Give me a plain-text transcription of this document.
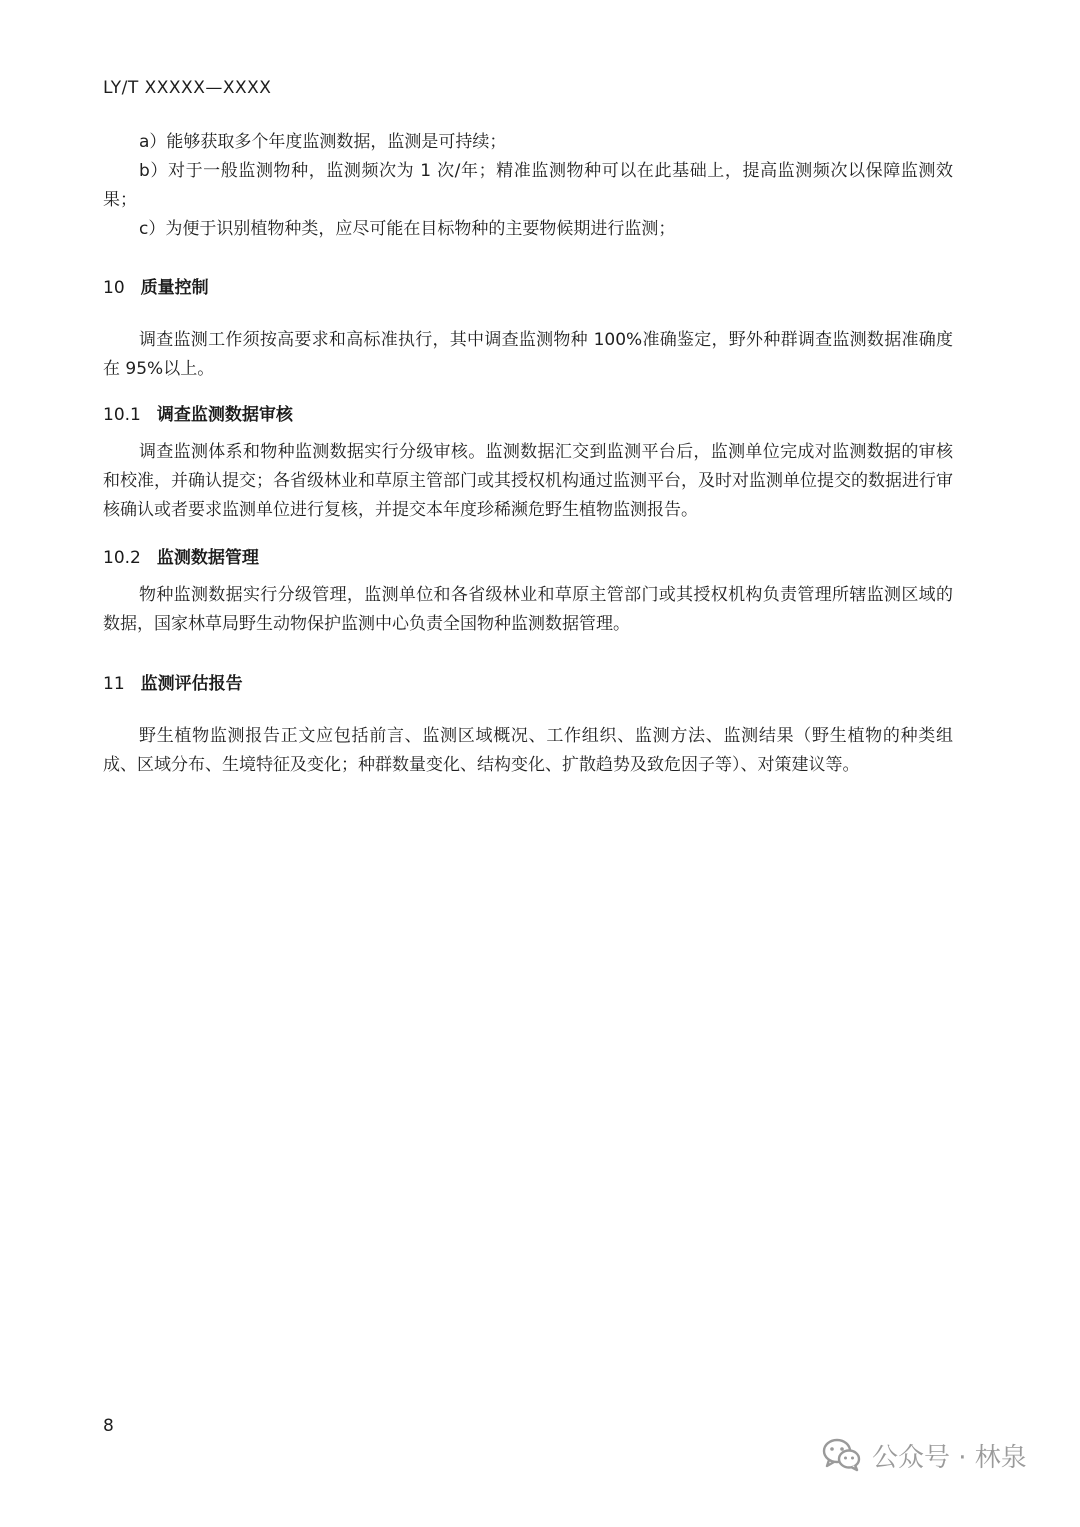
LY/T XXXXX—XXXX
a）能够获取多个年度监测数据，监测是可持续；
b）对于一般监测物种，监测频次为 1 次/年；精准监测物种可以在此基础上，提高监测频次以保障监测效果；
c）为便于识别植物种类，应尽可能在目标物种的主要物候期进行监测；
10 质量控制
调查监测工作须按高要求和高标准执行，其中调查监测物种 100%准确鉴定，野外种群调查监测数据准确度在 95%以上。
10.1 调查监测数据审核
调查监测体系和物种监测数据实行分级审核。监测数据汇交到监测平台后，监测单位完成对监测数据的审核和校准，并确认提交；各省级林业和草原主管部门或其授权机构通过监测平台，及时对监测单位提交的数据进行审核确认或者要求监测单位进行复核，并提交本年度珍稀濒危野生植物监测报告。
10.2 监测数据管理
物种监测数据实行分级管理，监测单位和各省级林业和草原主管部门或其授权机构负责管理所辖监测区域的数据，国家林草局野生动物保护监测中心负责全国物种监测数据管理。
11 监测评估报告
野生植物监测报告正文应包括前言、监测区域概况、工作组织、监测方法、监测结果（野生植物的种类组成、区域分布、生境特征及变化；种群数量变化、结构变化、扩散趋势及致危因子等）、对策建议等。
8
公众号 · 林泉
